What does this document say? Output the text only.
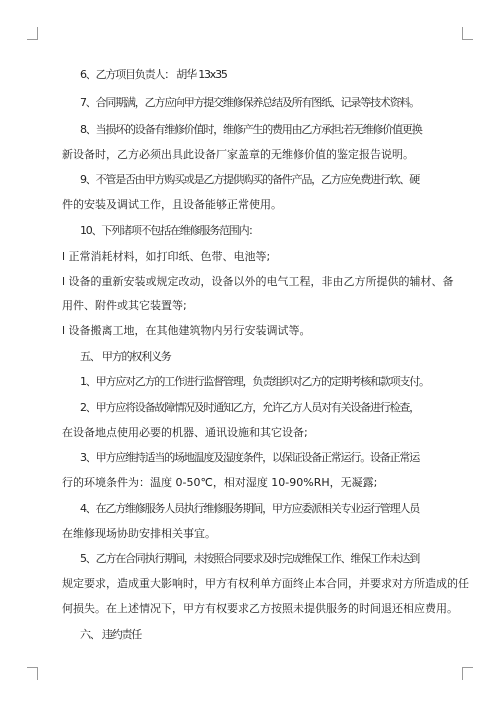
6、乙方项目负责人： 胡华 13x35

7、合同期满，乙方应向甲方提交维修保养总结及所有图纸、记录等技术资料。

8、当损坏的设备有维修价值时，维修产生的费用由乙方承担;若无维修价值更换

新设备时，乙方必须出具此设备厂家盖章的无维修价值的鉴定报告说明。

9、不管是否由甲方购买或是乙方提供购买的备件产品，乙方应免费进行软、硬

件的安装及调试工作，且设备能够正常使用。

10、下列诸项不包括在维修服务范围内：

l 正常消耗材料，如打印纸、色带、电池等;

l 设备的重新安装或规定改动，设备以外的电气工程，非由乙方所提供的辅材、备

用件、附件或其它装置等;

l 设备搬离工地，在其他建筑物内另行安装调试等。

五、 甲方的权利义务

1、甲方应对乙方的工作进行监督管理，负责组织对乙方的定期考核和款项支付。

2、甲方应将设备故障情况及时通知乙方，允许乙方人员对有关设备进行检查，

在设备地点使用必要的机器、通讯设施和其它设备;

3、甲方应维持适当的场地温度及湿度条件，以保证设备正常运行。设备正常运

行的环境条件为：温度 0-50℃，相对湿度 10-90%RH，无凝露;

4、在乙方维修服务人员执行维修服务期间，甲方应委派相关专业运行管理人员

在维修现场协助安排相关事宜。

5、乙方在合同执行期间，未按照合同要求及时完成维保工作、维保工作未达到

规定要求，造成重大影响时，甲方有权利单方面终止本合同，并要求对方所造成的任

何损失。在上述情况下，甲方有权要求乙方按照未提供服务的时间退还相应费用。

六、 违约责任
